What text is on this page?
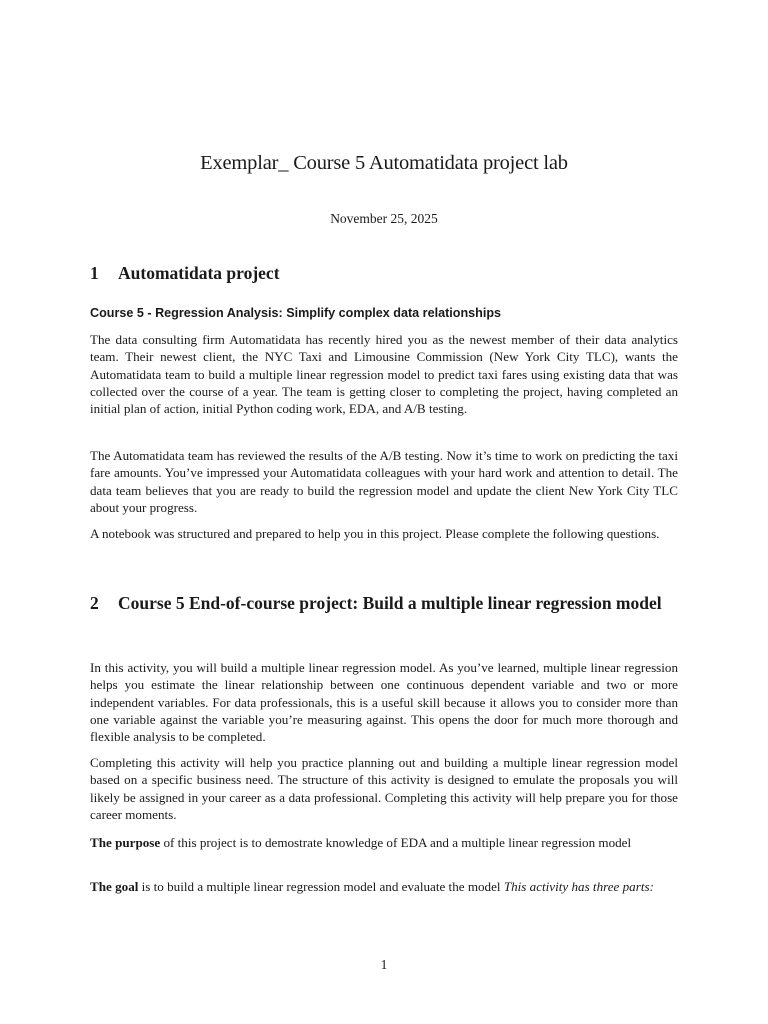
Exemplar_ Course 5 Automatidata project lab
November 25, 2025
1	Automatidata project
Course 5 - Regression Analysis: Simplify complex data relationships
The data consulting firm Automatidata has recently hired you as the newest member of their data analytics team. Their newest client, the NYC Taxi and Limousine Commission (New York City TLC), wants the Automatidata team to build a multiple linear regression model to predict taxi fares using existing data that was collected over the course of a year. The team is getting closer to completing the project, having completed an initial plan of action, initial Python coding work, EDA, and A/B testing.
The Automatidata team has reviewed the results of the A/B testing. Now it’s time to work on predicting the taxi fare amounts. You’ve impressed your Automatidata colleagues with your hard work and attention to detail. The data team believes that you are ready to build the regression model and update the client New York City TLC about your progress.
A notebook was structured and prepared to help you in this project. Please complete the following questions.
2	Course 5 End-of-course project: Build a multiple linear regression model
In this activity, you will build a multiple linear regression model. As you’ve learned, multiple linear regression helps you estimate the linear relationship between one continuous dependent variable and two or more independent variables. For data professionals, this is a useful skill because it allows you to consider more than one variable against the variable you’re measuring against. This opens the door for much more thorough and flexible analysis to be completed.
Completing this activity will help you practice planning out and building a multiple linear regression model based on a specific business need. The structure of this activity is designed to emulate the proposals you will likely be assigned in your career as a data professional. Completing this activity will help prepare you for those career moments.
The purpose of this project is to demostrate knowledge of EDA and a multiple linear regression model
The goal is to build a multiple linear regression model and evaluate the model This activity has three parts:
1
